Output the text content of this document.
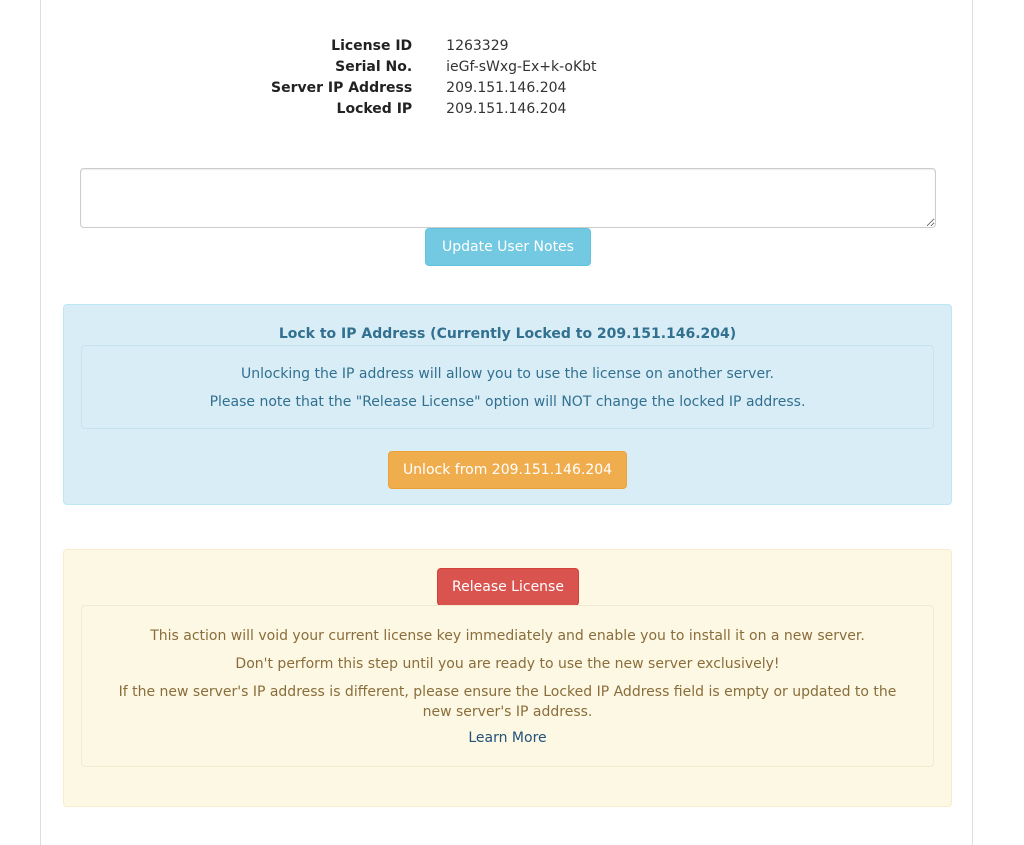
License ID	1263329
Serial No.	ieGf-sWxg-Ex+k-oKbt
Server IP Address	209.151.146.204
Locked IP	209.151.146.204
Update User Notes
Lock to IP Address (Currently Locked to 209.151.146.204)

Unlocking the IP address will allow you to use the license on another server.

Please note that the "Release License" option will NOT change the locked IP address.

Unlock from 209.151.146.204
Release License

This action will void your current license key immediately and enable you to install it on a new server.

Don't perform this step until you are ready to use the new server exclusively!

If the new server's IP address is different, please ensure the Locked IP Address field is empty or updated to the new server's IP address.

Learn More
